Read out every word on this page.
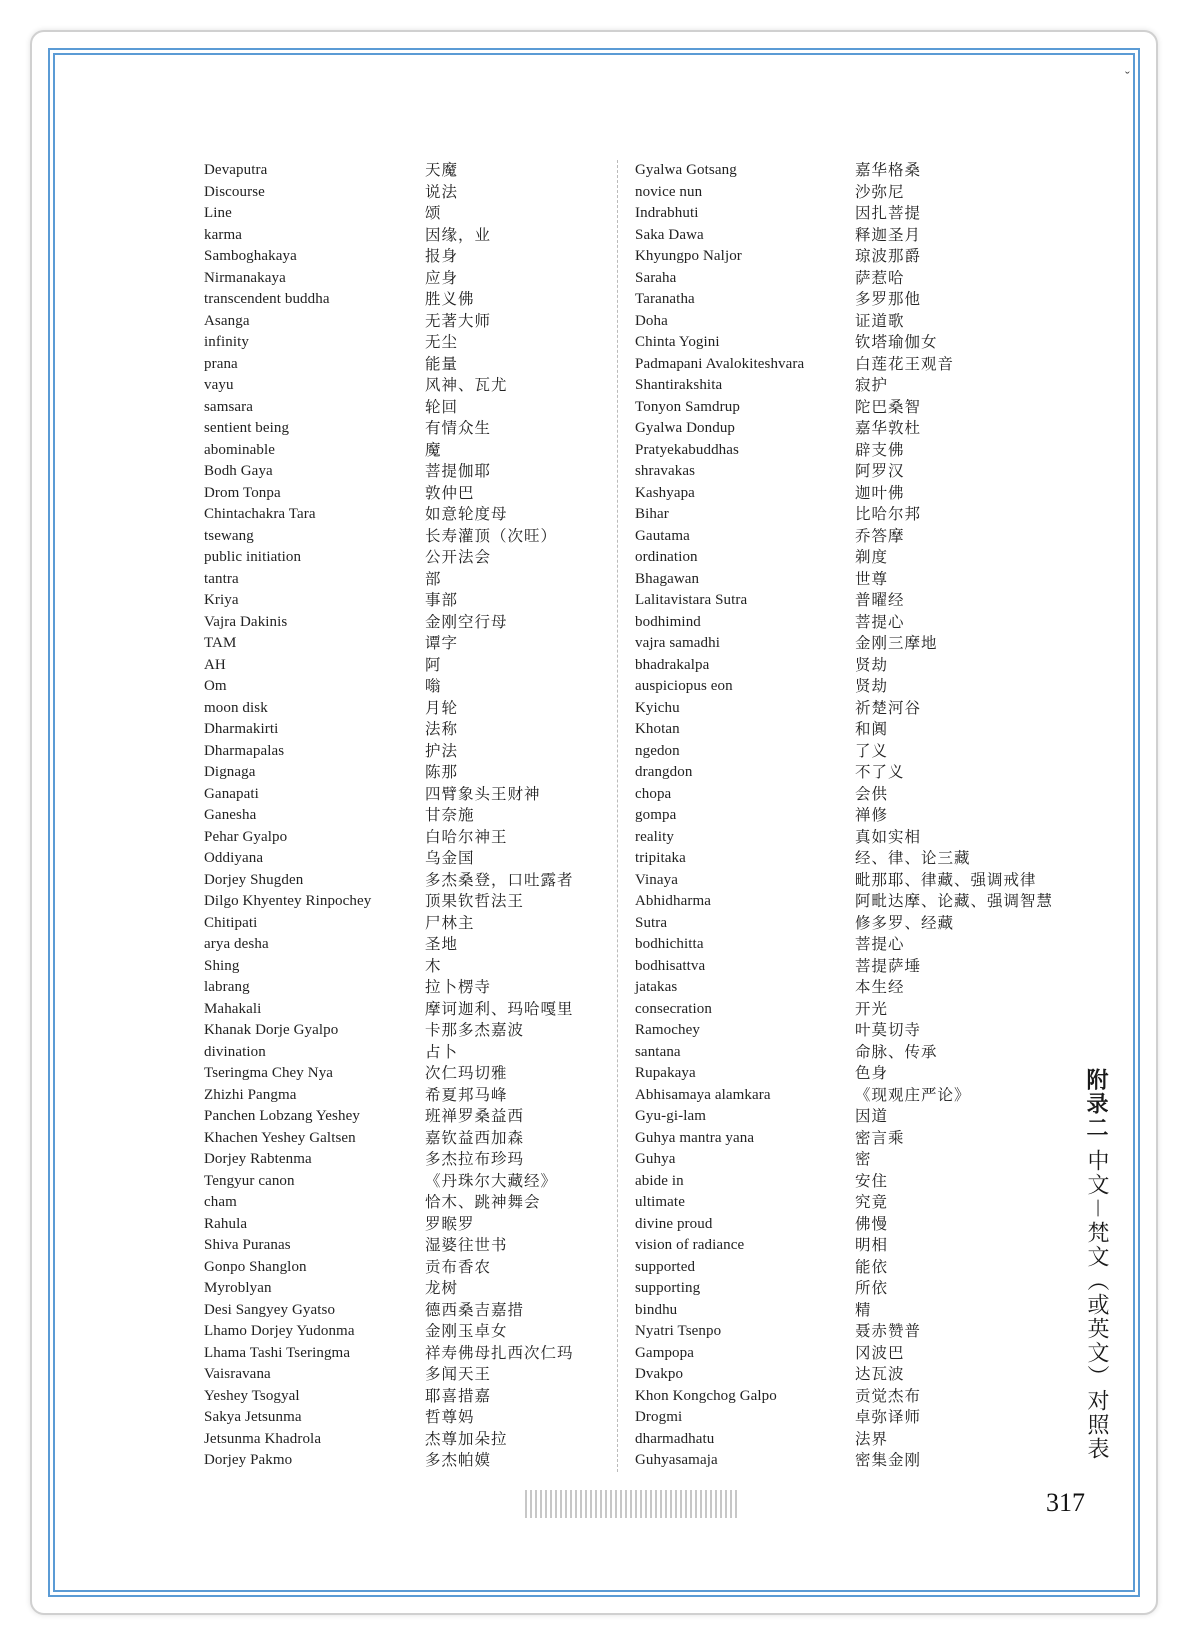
ˇ
Devaputra
Discourse
Line
karma
Samboghakaya
Nirmanakaya
transcendent buddha
Asanga
infinity
prana
vayu
samsara
sentient being
abominable
Bodh Gaya
Drom Tonpa
Chintachakra Tara
tsewang
public initiation
tantra
Kriya
Vajra Dakinis
TAM
AH
Om
moon disk
Dharmakirti
Dharmapalas
Dignaga
Ganapati
Ganesha
Pehar Gyalpo
Oddiyana
Dorjey Shugden
Dilgo Khyentey Rinpochey
Chitipati
arya desha
Shing
labrang
Mahakali
Khanak Dorje Gyalpo
divination
Tseringma Chey Nya
Zhizhi Pangma
Panchen Lobzang Yeshey
Khachen Yeshey Galtsen
Dorjey Rabtenma
Tengyur canon
cham
Rahula
Shiva Puranas
Gonpo Shanglon
Myroblyan
Desi Sangyey Gyatso
Lhamo Dorjey Yudonma
Lhama Tashi Tseringma
Vaisravana
Yeshey Tsogyal
Sakya Jetsunma
Jetsunma Khadrola
Dorjey Pakmo
天魔
说法
颂
因缘，业
报身
应身
胜义佛
无著大师
无尘
能量
风神、瓦尤
轮回
有情众生
魔
菩提伽耶
敦仲巴
如意轮度母
长寿灌顶（次旺）
公开法会
部
事部
金刚空行母
谭字
阿
嗡
月轮
法称
护法
陈那
四臂象头王财神
甘奈施
白哈尔神王
乌金国
多杰桑登，口吐露者
顶果钦哲法王
尸林主
圣地
木
拉卜楞寺
摩诃迦利、玛哈嘎里
卡那多杰嘉波
占卜
次仁玛切雅
希夏邦马峰
班禅罗桑益西
嘉钦益西加森
多杰拉布珍玛
《丹珠尔大藏经》
恰木、跳神舞会
罗睺罗
湿婆往世书
贡布香农
龙树
德西桑吉嘉措
金刚玉卓女
祥寿佛母扎西次仁玛
多闻天王
耶喜措嘉
哲尊妈
杰尊加朵拉
多杰帕嫫
Gyalwa Gotsang
novice nun
Indrabhuti
Saka Dawa
Khyungpo Naljor
Saraha
Taranatha
Doha
Chinta Yogini
Padmapani Avalokiteshvara
Shantirakshita
Tonyon Samdrup
Gyalwa Dondup
Pratyekabuddhas
shravakas
Kashyapa
Bihar
Gautama
ordination
Bhagawan
Lalitavistara Sutra
bodhimind
vajra samadhi
bhadrakalpa
auspiciopus eon
Kyichu
Khotan
ngedon
drangdon
chopa
gompa
reality
tripitaka
Vinaya
Abhidharma
Sutra
bodhichitta
bodhisattva
jatakas
consecration
Ramochey
santana
Rupakaya
Abhisamaya alamkara
Gyu-gi-lam
Guhya mantra yana
Guhya
abide in
ultimate
divine proud
vision of radiance
supported
supporting
bindhu
Nyatri Tsenpo
Gampopa
Dvakpo
Khon Kongchog Galpo
Drogmi
dharmadhatu
Guhyasamaja
嘉华格桑
沙弥尼
因扎菩提
释迦圣月
琼波那爵
萨惹哈
多罗那他
证道歌
钦塔瑜伽女
白莲花王观音
寂护
陀巴桑智
嘉华敦杜
辟支佛
阿罗汉
迦叶佛
比哈尔邦
乔答摩
剃度
世尊
普曜经
菩提心
金刚三摩地
贤劫
贤劫
祈楚河谷
和阗
了义
不了义
会供
禅修
真如实相
经、律、论三藏
毗那耶、律藏、强调戒律
阿毗达摩、论藏、强调智慧
修多罗、经藏
菩提心
菩提萨埵
本生经
开光
叶莫切寺
命脉、传承
色身
《现观庄严论》
因道
密言乘
密
安住
究竟
佛慢
明相
能依
所依
精
聂赤赞普
冈波巴
达瓦波
贡觉杰布
卓弥译师
法界
密集金刚
附录二 中文－梵文（或英文）对照表
317
